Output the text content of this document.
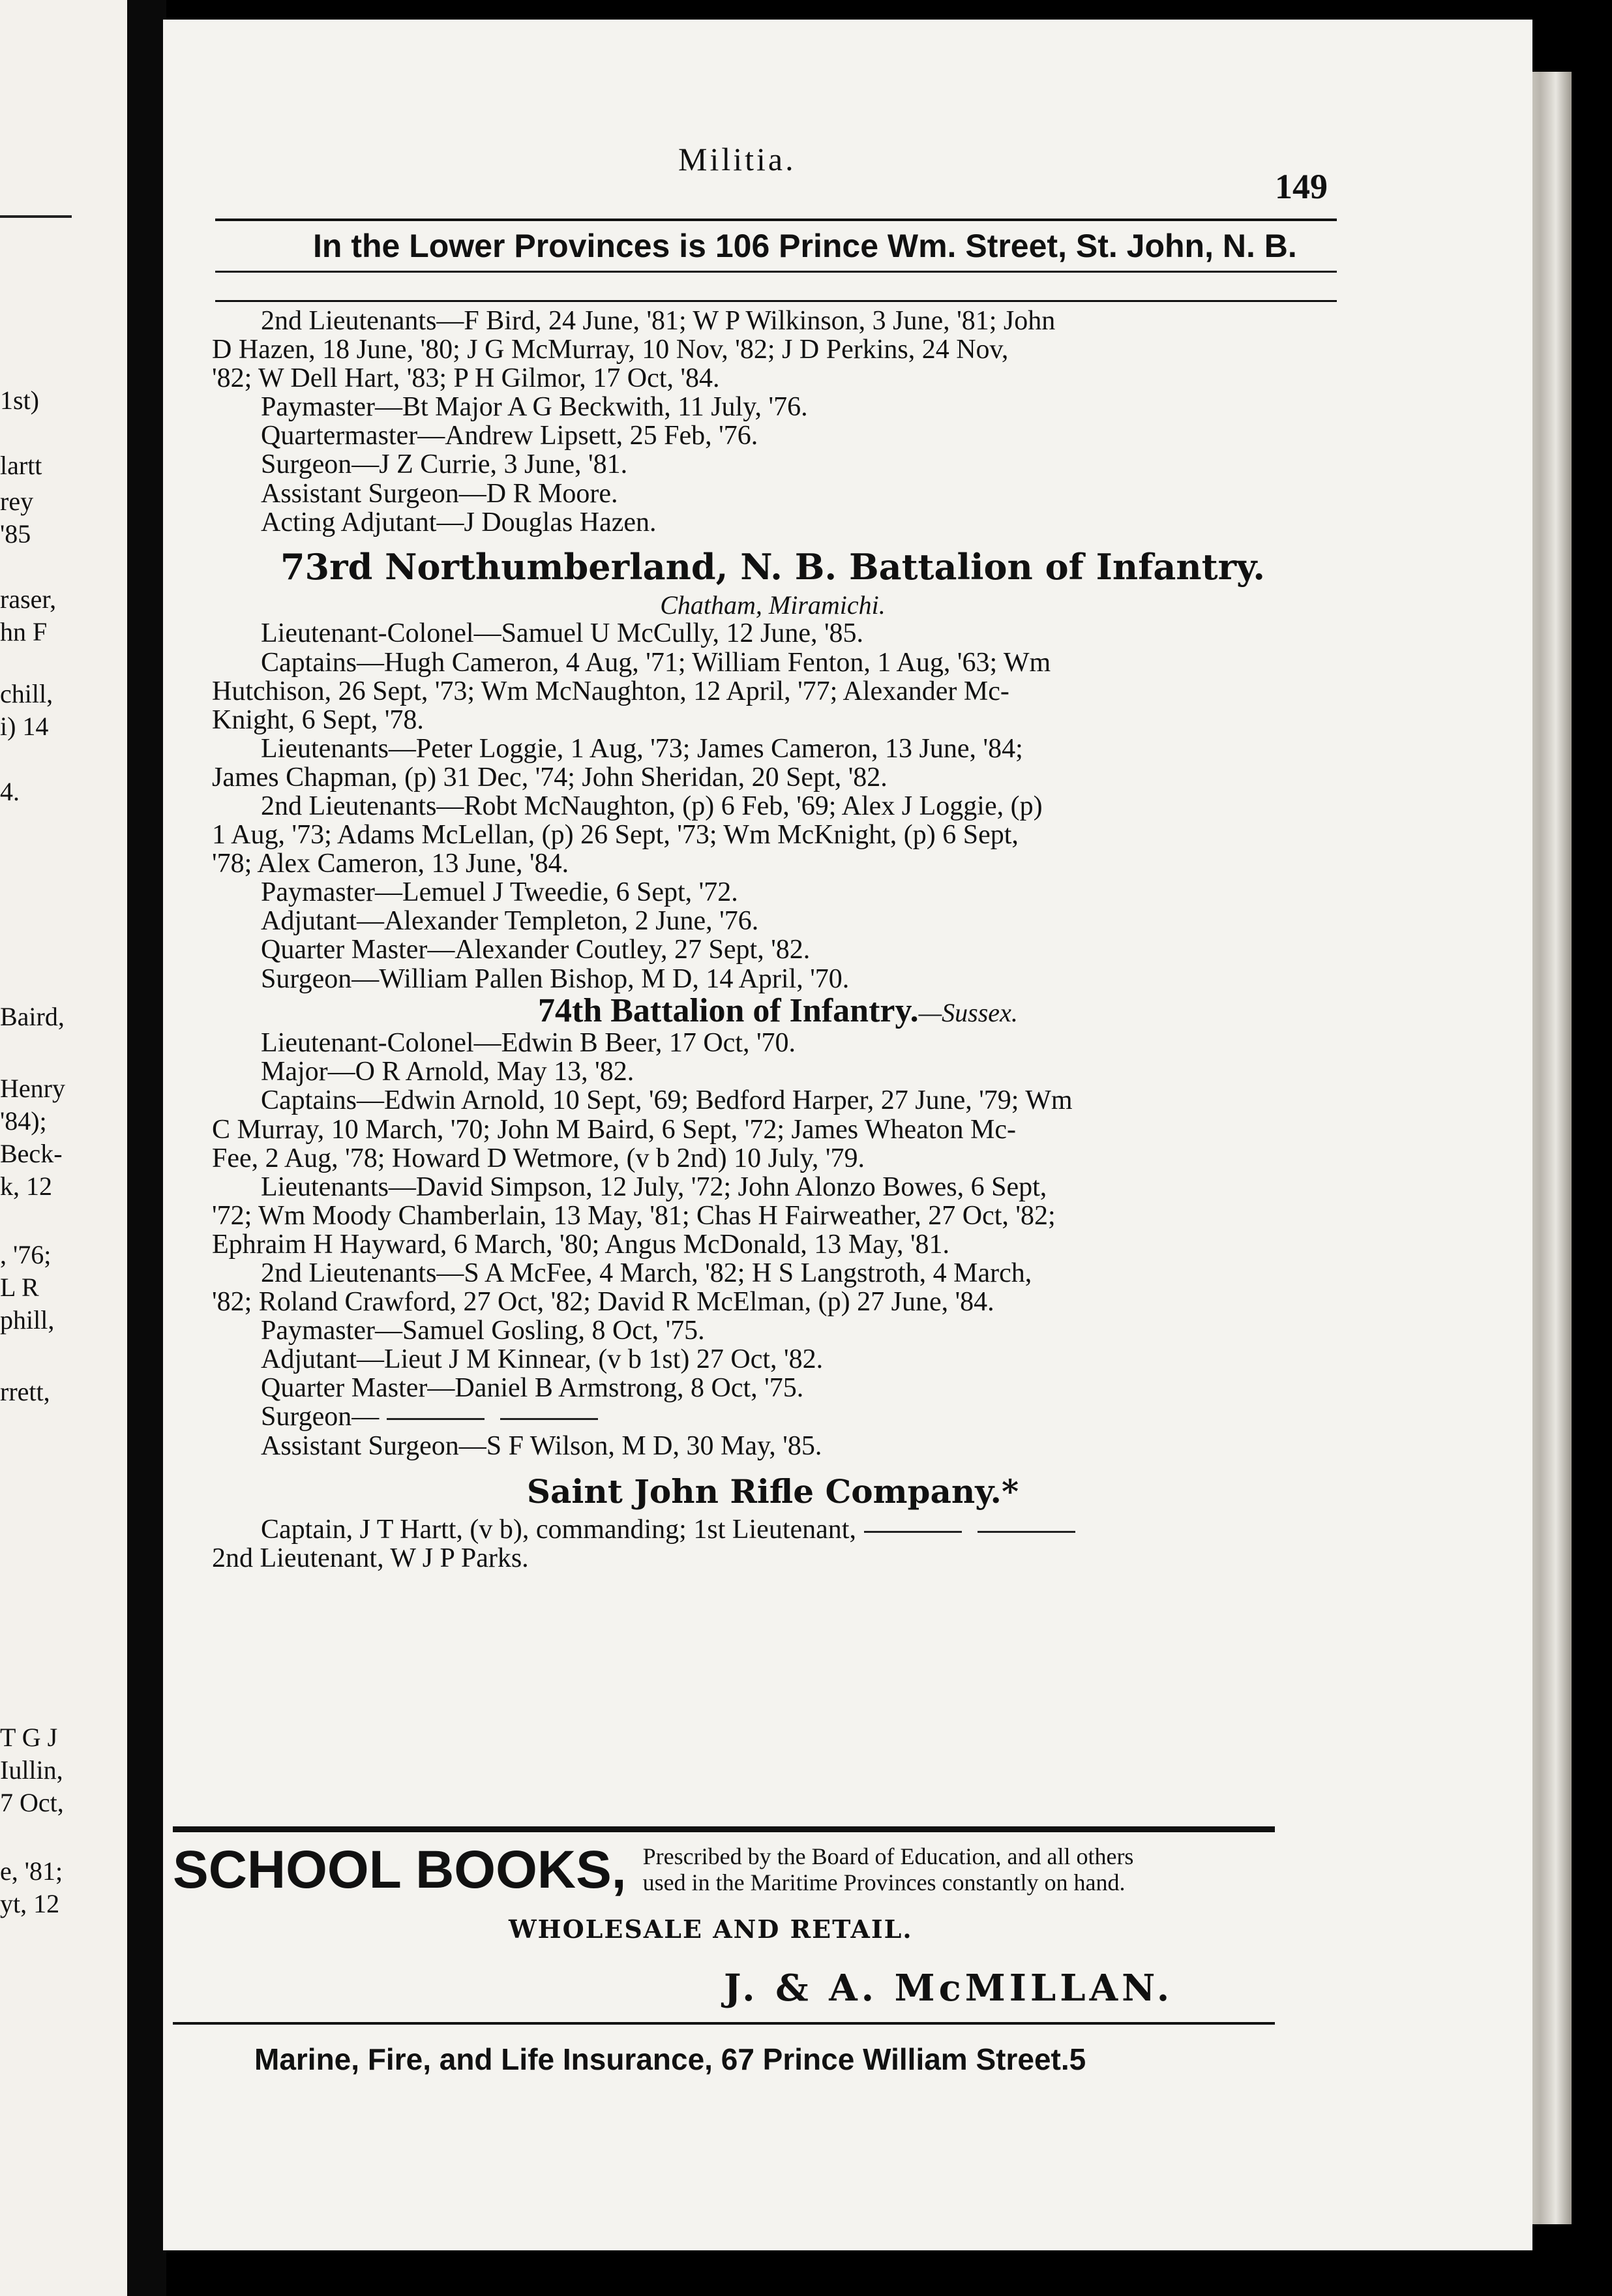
1st)
lartt
rey
'85
raser,
hn F
chill,
i) 14
4.
Baird,
Henry
'84);
Beck-
k, 12
, '76;
L R
phill,
rrett,
T G J
Iullin,
7 Oct,
e, '81;
yt, 12
Militia.
149
In the Lower Provinces is 106 Prince Wm. Street, St. John, N. B.

2nd Lieutenants—F Bird, 24 June, '81; W P Wilkinson, 3 June, '81; John

D Hazen, 18 June, '80; J G McMurray, 10 Nov, '82; J D Perkins, 24 Nov,

'82; W Dell Hart, '83; P H Gilmor, 17 Oct, '84.

Paymaster—Bt Major A G Beckwith, 11 July, '76.

Quartermaster—Andrew Lipsett, 25 Feb, '76.

Surgeon—J Z Currie, 3 June, '81.

Assistant Surgeon—D R Moore.

Acting Adjutant—J Douglas Hazen.

73rd Northumberland, N. B. Battalion of Infantry.

Chatham, Miramichi.

Lieutenant-Colonel—Samuel U McCully, 12 June, '85.

Captains—Hugh Cameron, 4 Aug, '71; William Fenton, 1 Aug, '63; Wm

Hutchison, 26 Sept, '73; Wm McNaughton, 12 April, '77; Alexander Mc-

Knight, 6 Sept, '78.

Lieutenants—Peter Loggie, 1 Aug, '73; James Cameron, 13 June, '84;

James Chapman, (p) 31 Dec, '74; John Sheridan, 20 Sept, '82.

2nd Lieutenants—Robt McNaughton, (p) 6 Feb, '69; Alex J Loggie, (p)

1 Aug, '73; Adams McLellan, (p) 26 Sept, '73; Wm McKnight, (p) 6 Sept,

'78; Alex Cameron, 13 June, '84.

Paymaster—Lemuel J Tweedie, 6 Sept, '72.

Adjutant—Alexander Templeton, 2 June, '76.

Quarter Master—Alexander Coutley, 27 Sept, '82.

Surgeon—William Pallen Bishop, M D, 14 April, '70.

74th Battalion of Infantry.—Sussex.

Lieutenant-Colonel—Edwin B Beer, 17 Oct, '70.

Major—O R Arnold, May 13, '82.

Captains—Edwin Arnold, 10 Sept, '69; Bedford Harper, 27 June, '79; Wm

C Murray, 10 March, '70; John M Baird, 6 Sept, '72; James Wheaton Mc-

Fee, 2 Aug, '78; Howard D Wetmore, (v b 2nd) 10 July, '79.

Lieutenants—David Simpson, 12 July, '72; John Alonzo Bowes, 6 Sept,

'72; Wm Moody Chamberlain, 13 May, '81; Chas H Fairweather, 27 Oct, '82;

Ephraim H Hayward, 6 March, '80; Angus McDonald, 13 May, '81.

2nd Lieutenants—S A McFee, 4 March, '82; H S Langstroth, 4 March,

'82; Roland Crawford, 27 Oct, '82; David R McElman, (p) 27 June, '84.

Paymaster—Samuel Gosling, 8 Oct, '75.

Adjutant—Lieut J M Kinnear, (v b 1st) 27 Oct, '82.

Quarter Master—Daniel B Armstrong, 8 Oct, '75.

Surgeon—

Assistant Surgeon—S F Wilson, M D, 30 May, '85.

Saint John Rifle Company.*

Captain, J T Hartt, (v b), commanding; 1st Lieutenant,

2nd Lieutenant, W J P Parks.

SCHOOL BOOKS, Prescribed by the Board of Education, and all others
used in the Maritime Provinces constantly on hand.
WHOLESALE AND RETAIL.
J. & A. McMILLAN.
Marine, Fire, and Life Insurance, 67 Prince William Street.5
